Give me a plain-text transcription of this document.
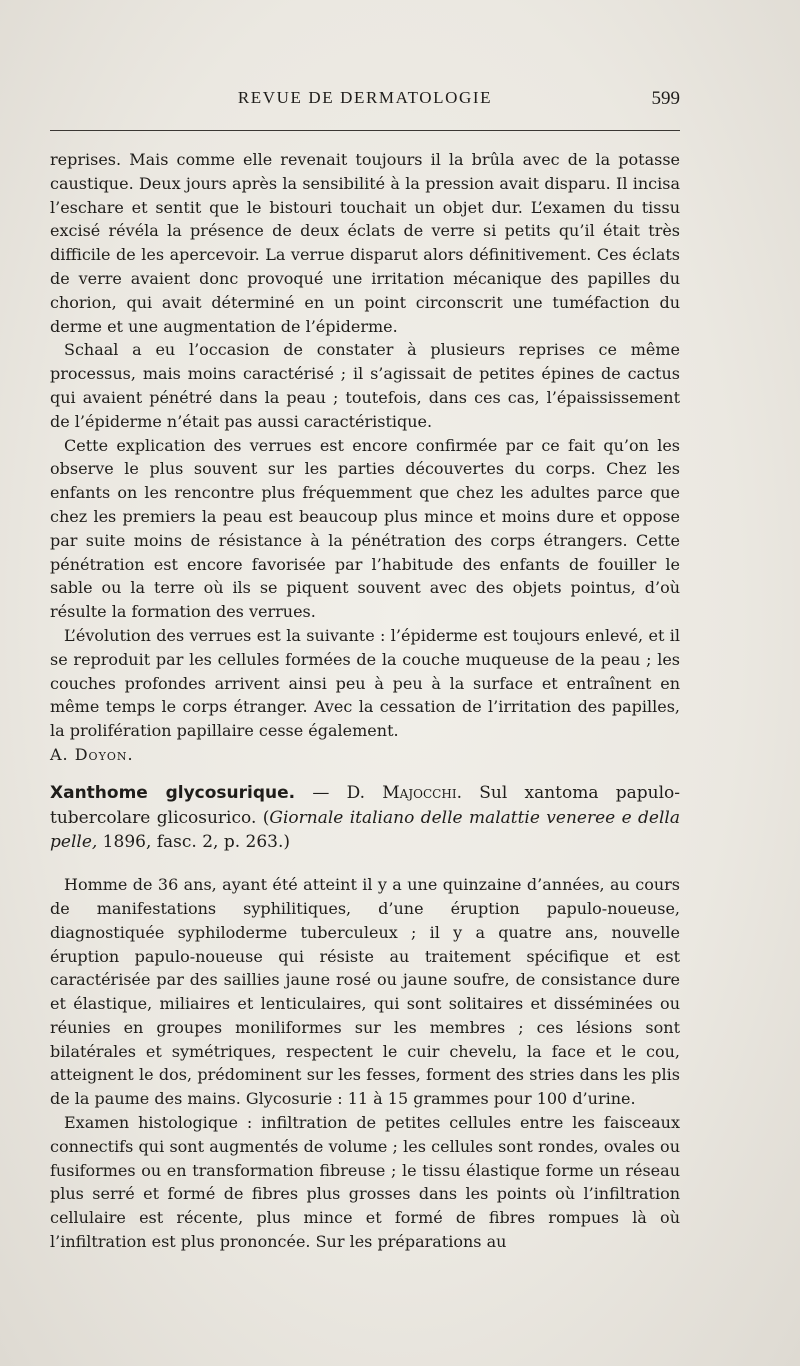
REVUE DE DERMATOLOGIE	599

reprises. Mais comme elle revenait toujours il la brûla avec de la potasse caustique. Deux jours après la sensibilité à la pression avait disparu. Il incisa l’eschare et sentit que le bistouri touchait un objet dur. L’examen du tissu excisé révéla la présence de deux éclats de verre si petits qu’il était très difficile de les apercevoir. La verrue disparut alors définitivement. Ces éclats de verre avaient donc provoqué une irritation mécanique des papilles du chorion, qui avait déterminé en un point circonscrit une tuméfaction du derme et une augmentation de l’épiderme.

Schaal a eu l’occasion de constater à plusieurs reprises ce même processus, mais moins caractérisé ; il s’agissait de petites épines de cactus qui avaient pénétré dans la peau ; toutefois, dans ces cas, l’épaississement de l’épiderme n’était pas aussi caractéristique.

Cette explication des verrues est encore confirmée par ce fait qu’on les observe le plus souvent sur les parties découvertes du corps. Chez les enfants on les rencontre plus fréquemment que chez les adultes parce que chez les premiers la peau est beaucoup plus mince et moins dure et oppose par suite moins de résistance à la pénétration des corps étrangers. Cette pénétration est encore favorisée par l’habitude des enfants de fouiller le sable ou la terre où ils se piquent souvent avec des objets pointus, d’où résulte la formation des verrues.

L’évolution des verrues est la suivante : l’épiderme est toujours enlevé, et il se reproduit par les cellules formées de la couche muqueuse de la peau ; les couches profondes arrivent ainsi peu à peu à la surface et entraînent en même temps le corps étranger. Avec la cessation de l’irritation des papilles, la prolifération papillaire cesse également.

A. Doyon.

Xanthome glycosurique. — D. Majocchi. Sul xantoma papulo-tubercolare glicosurico. (Giornale italiano delle malattie veneree e della pelle, 1896, fasc. 2, p. 263.)

Homme de 36 ans, ayant été atteint il y a une quinzaine d’années, au cours de manifestations syphilitiques, d’une éruption papulo-noueuse, diagnostiquée syphiloderme tuberculeux ; il y a quatre ans, nouvelle éruption papulo-noueuse qui résiste au traitement spécifique et est caractérisée par des saillies jaune rosé ou jaune soufre, de consistance dure et élastique, miliaires et lenticulaires, qui sont solitaires et disséminées ou réunies en groupes moniliformes sur les membres ; ces lésions sont bilatérales et symétriques, respectent le cuir chevelu, la face et le cou, atteignent le dos, prédominent sur les fesses, forment des stries dans les plis de la paume des mains. Glycosurie : 11 à 15 grammes pour 100 d’urine.

Examen histologique : infiltration de petites cellules entre les faisceaux connectifs qui sont augmentés de volume ; les cellules sont rondes, ovales ou fusiformes ou en transformation fibreuse ; le tissu élastique forme un réseau plus serré et formé de fibres plus grosses dans les points où l’infiltration cellulaire est récente, plus mince et formé de fibres rompues là où l’infiltration est plus prononcée. Sur les préparations au
